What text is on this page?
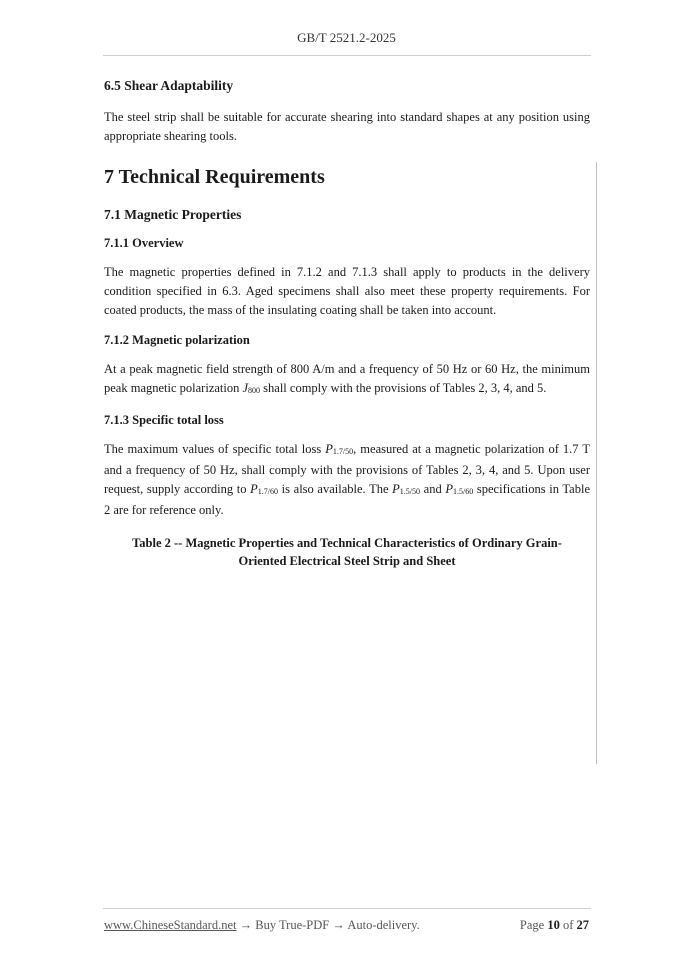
GB/T 2521.2-2025
6.5 Shear Adaptability
The steel strip shall be suitable for accurate shearing into standard shapes at any position using appropriate shearing tools.
7 Technical Requirements
7.1 Magnetic Properties
7.1.1 Overview
The magnetic properties defined in 7.1.2 and 7.1.3 shall apply to products in the delivery condition specified in 6.3. Aged specimens shall also meet these property requirements. For coated products, the mass of the insulating coating shall be taken into account.
7.1.2 Magnetic polarization
At a peak magnetic field strength of 800 A/m and a frequency of 50 Hz or 60 Hz, the minimum peak magnetic polarization J800 shall comply with the provisions of Tables 2, 3, 4, and 5.
7.1.3 Specific total loss
The maximum values of specific total loss P1.7/50, measured at a magnetic polarization of 1.7 T and a frequency of 50 Hz, shall comply with the provisions of Tables 2, 3, 4, and 5. Upon user request, supply according to P1.7/60 is also available. The P1.5/50 and P1.5/60 specifications in Table 2 are for reference only.
Table 2 -- Magnetic Properties and Technical Characteristics of Ordinary Grain-
Oriented Electrical Steel Strip and Sheet
www.ChineseStandard.net → Buy True-PDF → Auto-delivery.	Page 10 of 27
